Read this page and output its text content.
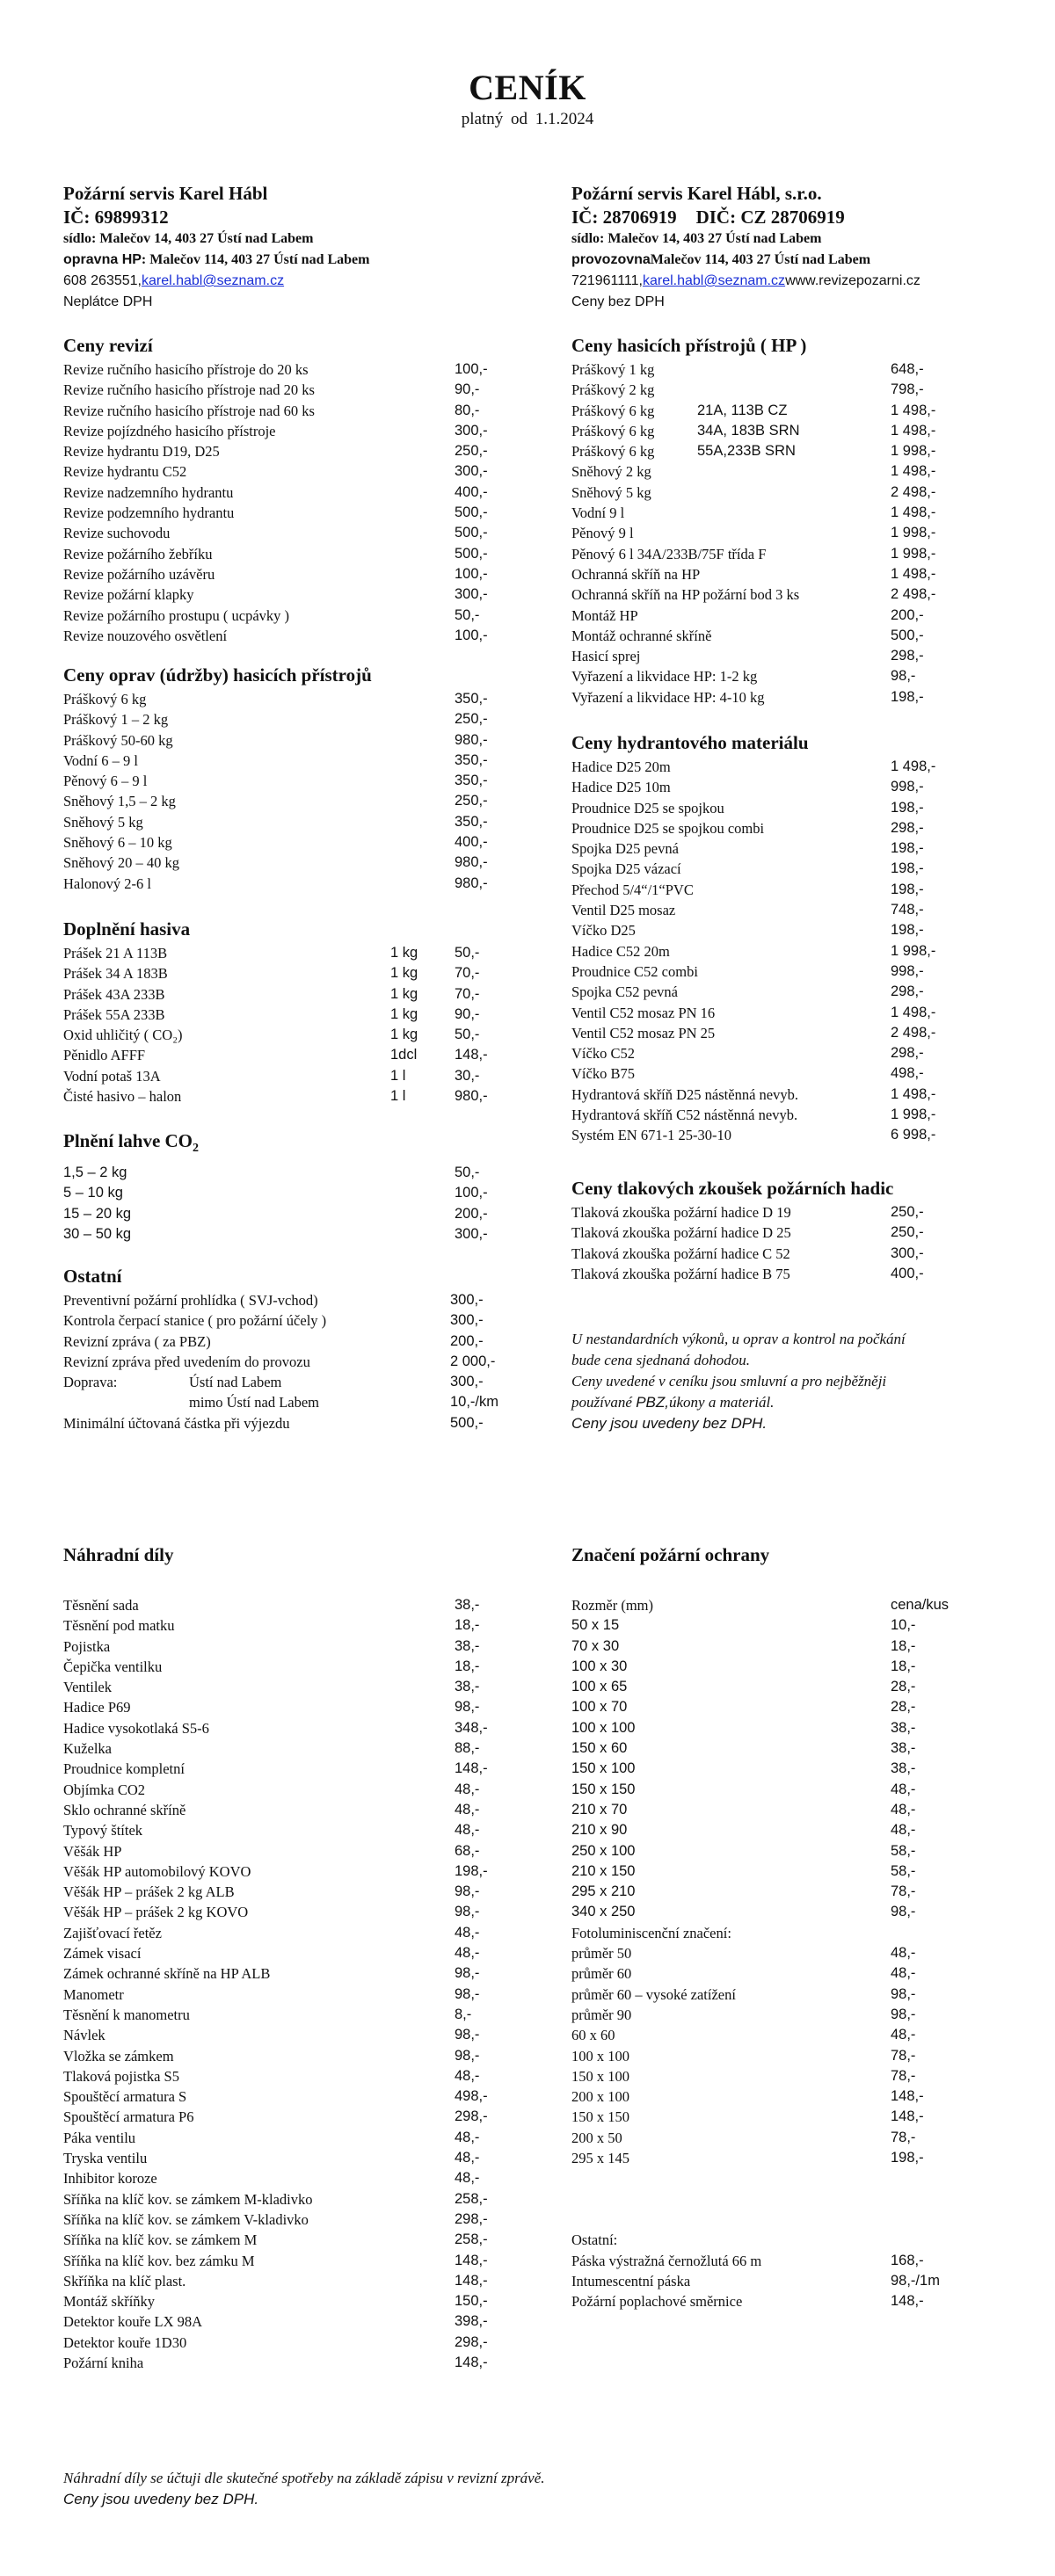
CENÍK
platný od 1.1.2024
Požární servis Karel Hábl
IČ: 69899312
sídlo: Malečov 14, 403 27 Ústí nad Labem
opravna HP: Malečov 114, 403 27 Ústí nad Labem
608 263551,karel.habl@seznam.cz
Neplátce DPH
Požární servis Karel Hábl, s.r.o.
IČ: 28706919 DIČ: CZ 28706919
sídlo: Malečov 14, 403 27 Ústí nad Labem
provozovnaMalečov 114, 403 27 Ústí nad Labem
721961111,karel.habl@seznam.czwww.revizepozarni.cz
Ceny bez DPH
Ceny revizí
Revize ručního hasicího přístroje do 20 ks	100,-
Revize ručního hasicího přístroje nad 20 ks	90,-
Revize ručního hasicího přístroje nad 60 ks	80,-
Revize pojízdného hasicího přístroje	300,-
Revize hydrantu D19, D25	250,-
Revize hydrantu C52	300,-
Revize nadzemního hydrantu	400,-
Revize podzemního hydrantu	500,-
Revize suchovodu	500,-
Revize požárního žebříku	500,-
Revize požárního uzávěru	100,-
Revize požární klapky	300,-
Revize požárního prostupu ( ucpávky )	50,-
Revize nouzového osvětlení	100,-
Ceny oprav (údržby) hasicích přístrojů
Práškový 6 kg	350,-
Práškový 1 – 2 kg	250,-
Práškový 50-60 kg	980,-
Vodní 6 – 9 l	350,-
Pěnový 6 – 9 l	350,-
Sněhový 1,5 – 2 kg	250,-
Sněhový 5 kg	350,-
Sněhový 6 – 10 kg	400,-
Sněhový 20 – 40 kg	980,-
Halonový 2-6 l	980,-
Doplnění hasiva
Prášek 21 A 113B	1 kg	50,-
Prášek 34 A 183B	1 kg	70,-
Prášek 43A 233B	1 kg	70,-
Prášek 55A 233B	1 kg	90,-
Oxid uhličitý ( CO₂)	1 kg	50,-
Pěnidlo AFFF	1dcl	148,-
Vodní potaš 13A	1 l	30,-
Čisté hasivo – halon	1 l	980,-
Plnění lahve $CO_2$
1,5 – 2 kg	50,-
5 – 10 kg	100,-
15 – 20 kg	200,-
30 – 50 kg	300,-
Ostatní
Preventivní požární prohlídka ( SVJ-vchod)	300,-
Kontrola čerpací stanice ( pro požární účely )	300,-
Revizní zpráva ( za PBZ)	200,-
Revizní zpráva před uvedením do provozu	2 000,-
Doprava:	Ústí nad Labem	300,-
mimo Ústí nad Labem	10,-/km
Minimální účtovaná částka při výjezdu	500,-
Ceny hasicích přístrojů ( HP )
Práškový 1 kg	648,-
Práškový 2 kg	798,-
Práškový 6 kg	21A, 113B CZ	1 498,-
Práškový 6 kg	34A, 183B SRN	1 498,-
Práškový 6 kg	55A,233B SRN	1 998,-
Sněhový 2 kg	1 498,-
Sněhový 5 kg	2 498,-
Vodní 9 l	1 498,-
Pěnový 9 l	1 998,-
Pěnový 6 l 34A/233B/75F třída F	1 998,-
Ochranná skříň na HP	1 498,-
Ochranná skříň na HP požární bod 3 ks	2 498,-
Montáž HP	200,-
Montáž ochranné skříně	500,-
Hasicí sprej	298,-
Vyřazení a likvidace HP: 1-2 kg	98,-
Vyřazení a likvidace HP: 4-10 kg	198,-
Ceny hydrantového materiálu
Hadice D25 20m	1 498,-
Hadice D25 10m	998,-
Proudnice D25 se spojkou	198,-
Proudnice D25 se spojkou combi	298,-
Spojka D25 pevná	198,-
Spojka D25 vázací	198,-
Přechod 5/4“/1“PVC	198,-
Ventil D25 mosaz	748,-
Víčko D25	198,-
Hadice C52 20m	1 998,-
Proudnice C52 combi	998,-
Spojka C52 pevná	298,-
Ventil C52 mosaz PN 16	1 498,-
Ventil C52 mosaz PN 25	2 498,-
Víčko C52	298,-
Víčko B75	498,-
Hydrantová skříň D25 nástěnná nevyb.	1 498,-
Hydrantová skříň C52 nástěnná nevyb.	1 998,-
Systém EN 671-1 25-30-10	6 998,-
Ceny tlakových zkoušek požárních hadic
Tlaková zkouška požární hadice D 19	250,-
Tlaková zkouška požární hadice D 25	250,-
Tlaková zkouška požární hadice C 52	300,-
Tlaková zkouška požární hadice B 75	400,-
U nestandardních výkonů, u oprav a kontrol na počkání
bude cena sjednaná dohodou.
Ceny uvedené v ceníku jsou smluvní a pro nejběžněji
používané PBZ,úkony a materiál.
Ceny jsou uvedeny bez DPH.
Náhradní díly
Těsnění sada	38,-
Těsnění pod matku	18,-
Pojistka	38,-
Čepička ventilku	18,-
Ventilek	38,-
Hadice P69	98,-
Hadice vysokotlaká S5-6	348,-
Kuželka	88,-
Proudnice kompletní	148,-
Objímka CO2	48,-
Sklo ochranné skříně	48,-
Typový štítek	48,-
Věšák HP	68,-
Věšák HP automobilový KOVO	198,-
Věšák HP – prášek 2 kg ALB	98,-
Věšák HP – prášek 2 kg KOVO	98,-
Zajišťovací řetěz	48,-
Zámek visací	48,-
Zámek ochranné skříně na HP ALB	98,-
Manometr	98,-
Těsnění k manometru	8,-
Návlek	98,-
Vložka se zámkem	98,-
Tlaková pojistka S5	48,-
Spouštěcí armatura S	498,-
Spouštěcí armatura P6	298,-
Páka ventilu	48,-
Tryska ventilu	48,-
Inhibitor koroze	48,-
Sříňka na klíč kov. se zámkem M-kladivko	258,-
Sříňka na klíč kov. se zámkem V-kladivko	298,-
Sříňka na klíč kov. se zámkem M	258,-
Sříňka na klíč kov. bez zámku M	148,-
Skříňka na klíč plast.	148,-
Montáž skříňky	150,-
Detektor kouře LX 98A	398,-
Detektor kouře 1D30	298,-
Požární kniha	148,-
Náhradní díly se účtuji dle skutečné spotřeby na základě zápisu v revizní zprávě.
Ceny jsou uvedeny bez DPH.
Značení požární ochrany
Rozměr (mm)	cena/kus
50 x 15	10,-
70 x 30	18,-
100 x 30	18,-
100 x 65	28,-
100 x 70	28,-
100 x 100	38,-
150 x 60	38,-
150 x 100	38,-
150 x 150	48,-
210 x 70	48,-
210 x 90	48,-
250 x 100	58,-
210 x 150	58,-
295 x 210	78,-
340 x 250	98,-
Fotoluminiscenční značení:
průměr 50	48,-
průměr 60	48,-
průměr 60 – vysoké zatížení	98,-
průměr 90	98,-
60 x 60	48,-
100 x 100	78,-
150 x 100	78,-
200 x 100	148,-
150 x 150	148,-
200 x 50	78,-
295 x 145	198,-
Ostatní:
Páska výstražná černožlutá 66 m	168,-
Intumescentní páska	98,-/1m
Požární poplachové směrnice	148,-
